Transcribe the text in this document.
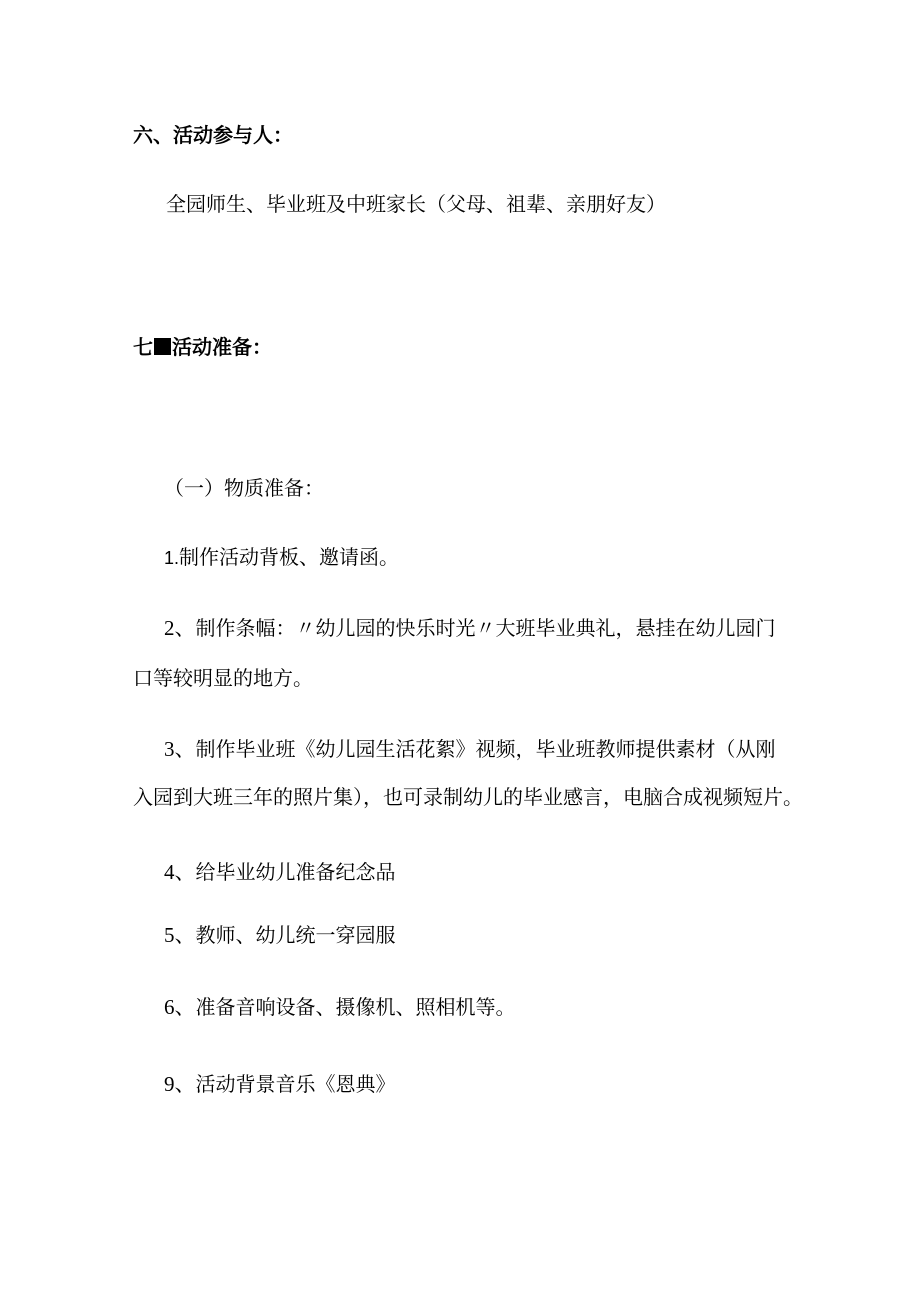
六、活动参与人：
全园师生、毕业班及中班家长（父母、祖辈、亲朋好友）
七 活动准备：
（一）物质准备：
1.制作活动背板、邀请函。
2、制作条幅：〃幼儿园的快乐时光〃大班毕业典礼，悬挂在幼儿园门
口等较明显的地方。
3、制作毕业班《幼儿园生活花絮》视频，毕业班教师提供素材（从刚
入园到大班三年的照片集），也可录制幼儿的毕业感言，电脑合成视频短片。
4、给毕业幼儿准备纪念品
5、教师、幼儿统一穿园服
6、准备音响设备、摄像机、照相机等。
9、活动背景音乐《恩典》
